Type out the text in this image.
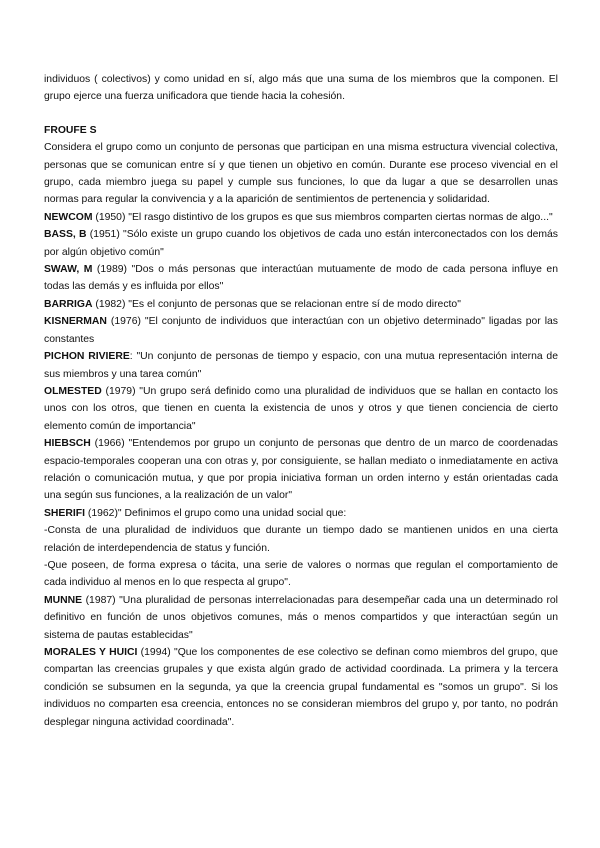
individuos ( colectivos) y como unidad en sí, algo más que una suma de los miembros que la componen. El grupo ejerce una fuerza unificadora que tiende hacia la cohesión.

FROUFE S

Considera el grupo como un conjunto de personas que participan en una misma estructura vivencial colectiva, personas que se comunican entre sí y que tienen un objetivo en común. Durante ese proceso vivencial en el grupo, cada miembro juega su papel y cumple sus funciones, lo que da lugar a que se desarrollen unas normas para regular la convivencia y a la aparición de sentimientos de pertenencia y solidaridad.

NEWCOM (1950) "El rasgo distintivo de los grupos es que sus miembros comparten ciertas normas de algo..."

BASS, B (1951) "Sólo existe un grupo cuando los objetivos de cada uno están interconectados con los demás por algún objetivo común"

SWAW, M (1989) "Dos o más personas que interactúan mutuamente de modo de cada persona influye en todas las demás y es influida por ellos"

BARRIGA (1982) "Es el conjunto de personas que se relacionan entre sí de modo directo"

KISNERMAN (1976) "El conjunto de individuos que interactúan con un objetivo determinado" ligadas por las constantes

PICHON RIVIERE: "Un conjunto de personas de tiempo y espacio, con una mutua representación interna de sus miembros y una tarea común"

OLMESTED (1979) "Un grupo será definido como una pluralidad de individuos que se hallan en contacto los unos con los otros, que tienen en cuenta la existencia de unos y otros y que tienen conciencia de cierto elemento común de importancia"

HIEBSCH (1966) "Entendemos por grupo un conjunto de personas que dentro de un marco de coordenadas espacio-temporales cooperan una con otras y, por consiguiente, se hallan mediato o inmediatamente en activa relación o comunicación mutua, y que por propia iniciativa forman un orden interno y están orientadas cada una según sus funciones, a la realización de un valor"

SHERIFI (1962)" Definimos el grupo como una unidad social que:

-Consta de una pluralidad de individuos que durante un tiempo dado se mantienen unidos en una cierta relación de interdependencia de status y función.

-Que poseen, de forma expresa o tácita, una serie de valores o normas que regulan el comportamiento de cada individuo al menos en lo que respecta al grupo".

MUNNE (1987) "Una pluralidad de personas interrelacionadas para desempeñar cada una un determinado rol definitivo en función de unos objetivos comunes, más o menos compartidos y que interactúan según un sistema de pautas establecidas"

MORALES Y HUICI (1994) "Que los componentes de ese colectivo se definan como miembros del grupo, que compartan las creencias grupales y que exista algún grado de actividad coordinada. La primera y la tercera condición se subsumen en la segunda, ya que la creencia grupal fundamental es "somos un grupo". Si los individuos no comparten esa creencia, entonces no se consideran miembros del grupo y, por tanto, no podrán desplegar ninguna actividad coordinada".
